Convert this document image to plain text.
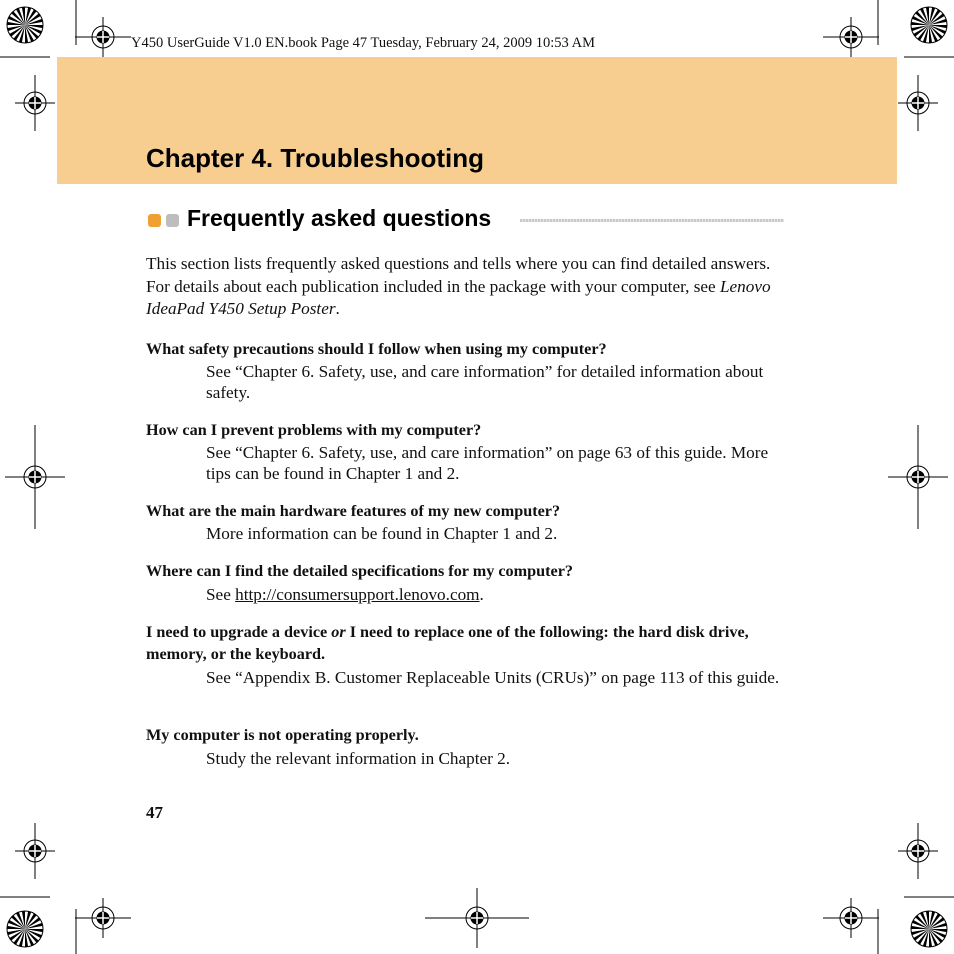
Y450 UserGuide V1.0 EN.book Page 47 Tuesday, February 24, 2009 10:53 AM
Chapter 4. Troubleshooting
Frequently asked questions

This section lists frequently asked questions and tells where you can find detailed answers. For details about each publication included in the package with your computer, see Lenovo IdeaPad Y450 Setup Poster.

What safety precautions should I follow when using my computer?

See “Chapter 6. Safety, use, and care information” for detailed information about safety.

How can I prevent problems with my computer?

See “Chapter 6. Safety, use, and care information” on page 63 of this guide. More tips can be found in Chapter 1 and 2.

What are the main hardware features of my new computer?

More information can be found in Chapter 1 and 2.

Where can I find the detailed specifications for my computer?

See http://consumersupport.lenovo.com.

I need to upgrade a device or I need to replace one of the following: the hard disk drive, memory, or the keyboard.

See “Appendix B. Customer Replaceable Units (CRUs)” on page 113 of this guide.

My computer is not operating properly.

Study the relevant information in Chapter 2.

47
